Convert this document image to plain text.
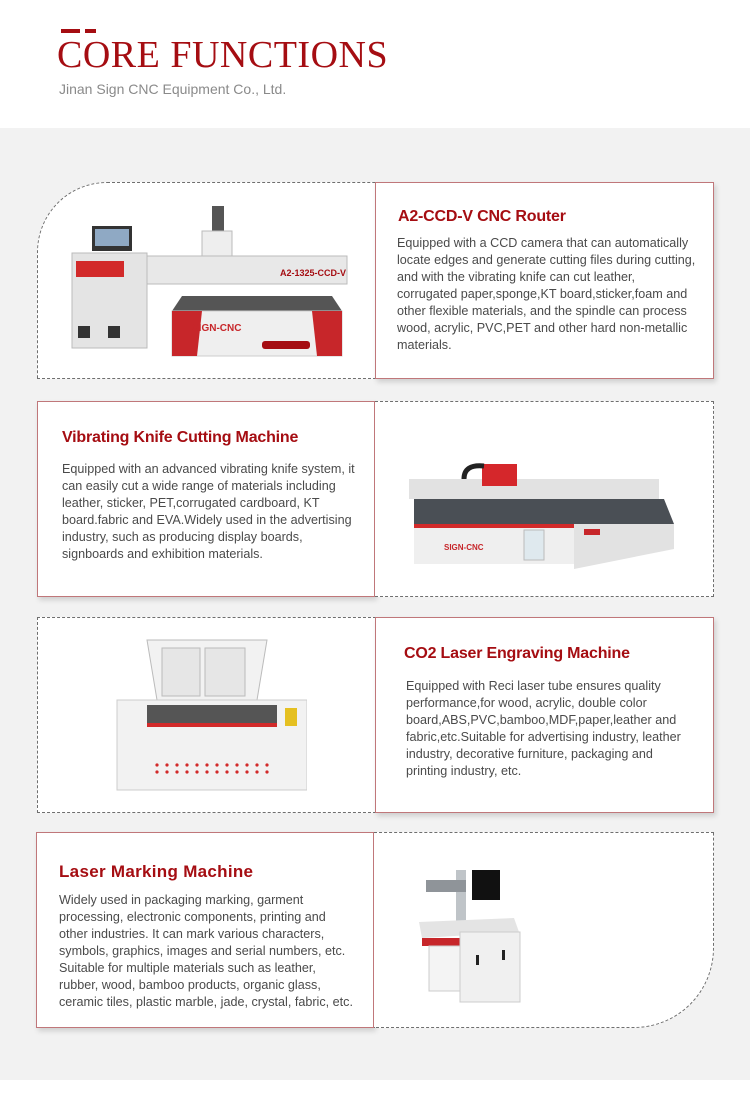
CORE FUNCTIONS
Jinan Sign CNC Equipment Co., Ltd.
A2-1325-CCD-V
SIGN-CNC
A2-CCD-V CNC Router
Equipped with a CCD camera that can automatically locate edges and generate cutting files during cutting, and with the vibrating knife can cut leather, corrugated paper,sponge,KT board,sticker,foam and other flexible materials, and the spindle can process wood, acrylic, PVC,PET and other hard non-metallic materials.
Vibrating Knife Cutting Machine
Equipped with an advanced vibrating knife system, it can easily cut a wide range of materials including leather, sticker, PET,corrugated cardboard, KT board.fabric and EVA.Widely used in the advertising industry, such as producing display boards, signboards and exhibition materials.	SIGN-CNC
CO2 Laser Engraving Machine
Equipped with Reci laser tube ensures quality performance,for wood, acrylic, double color board,ABS,PVC,bamboo,MDF,paper,leather and fabric,etc.Suitable for advertising industry, leather industry, decorative furniture, packaging and printing industry, etc.
Laser Marking Machine
Widely used in packaging marking, garment processing, electronic components, printing and other industries. It can mark various characters, symbols, graphics, images and serial numbers, etc. Suitable for multiple materials such as leather, rubber, wood, bamboo products, organic glass, ceramic tiles, plastic marble, jade, crystal, fabric, etc.
